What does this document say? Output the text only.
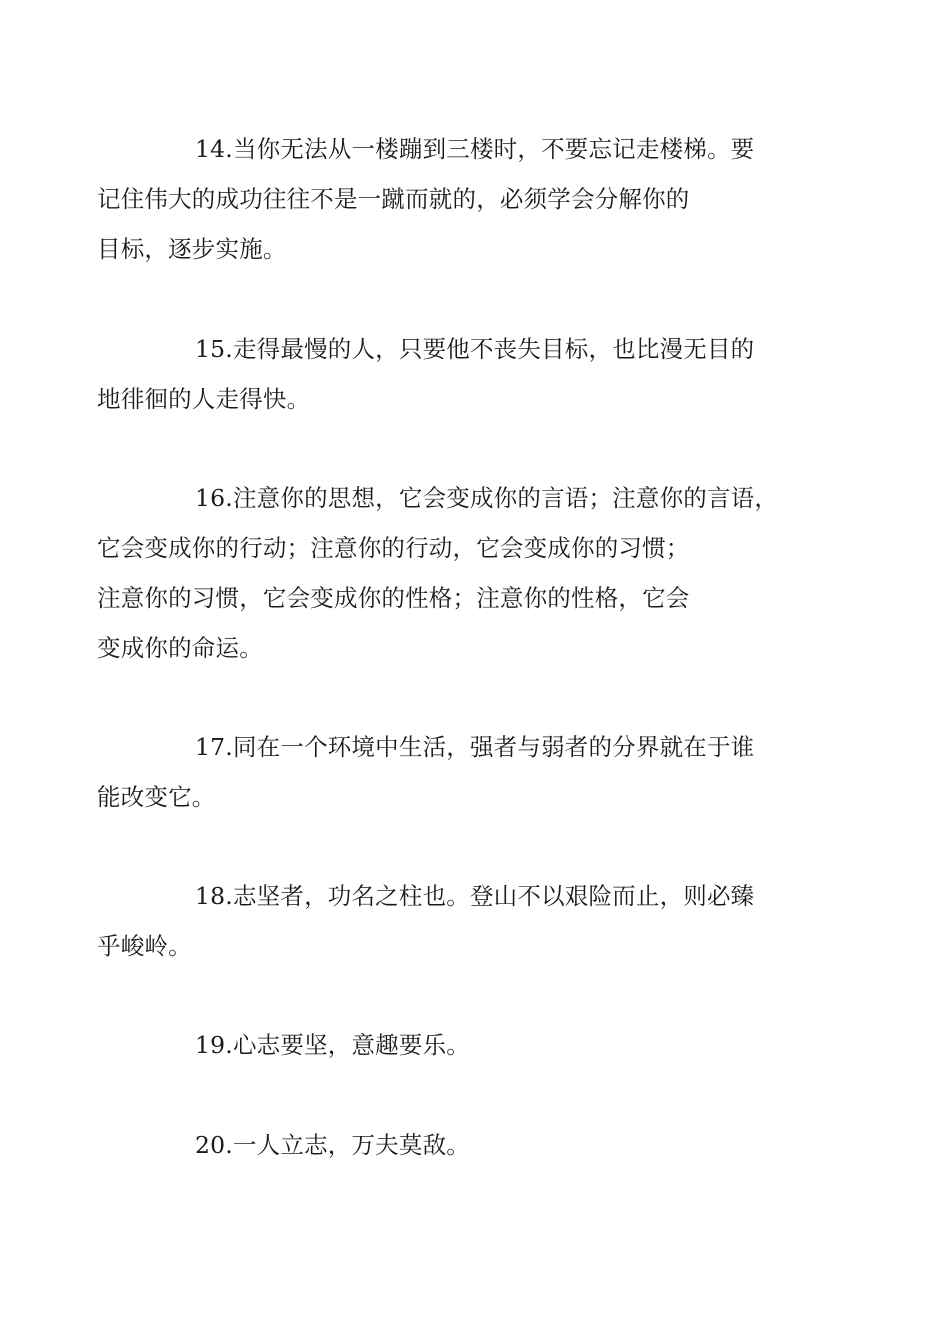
14.当你无法从一楼蹦到三楼时，不要忘记走楼梯。要
记住伟大的成功往往不是一蹴而就的，必须学会分解你的
目标，逐步实施。

15.走得最慢的人，只要他不丧失目标，也比漫无目的
地徘徊的人走得快。

16.注意你的思想，它会变成你的言语；注意你的言语，
它会变成你的行动；注意你的行动，它会变成你的习惯；
注意你的习惯，它会变成你的性格；注意你的性格，它会
变成你的命运。

17.同在一个环境中生活，强者与弱者的分界就在于谁
能改变它。

18.志坚者，功名之柱也。登山不以艰险而止，则必臻
乎峻岭。

19.心志要坚，意趣要乐。

20.一人立志，万夫莫敌。
